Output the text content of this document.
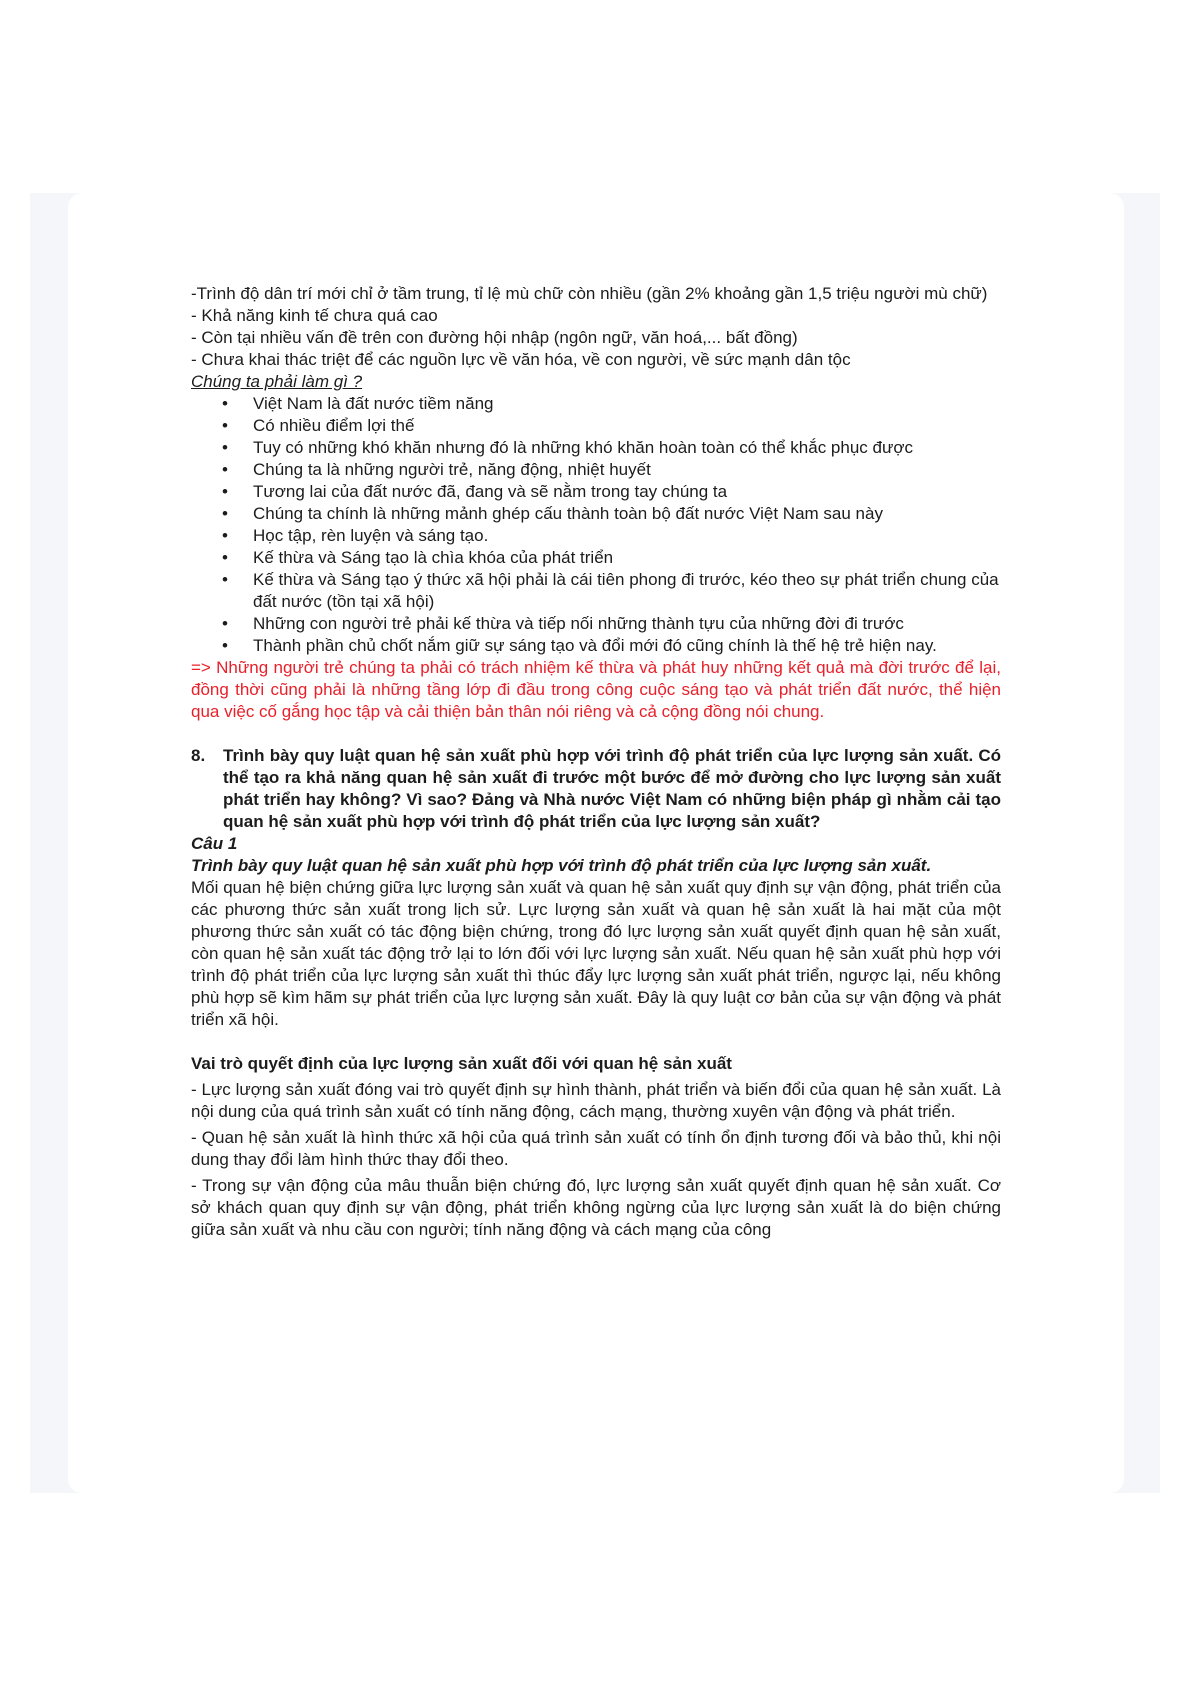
-Trình độ dân trí mới chỉ ở tầm trung, tỉ lệ mù chữ còn nhiều (gần 2% khoảng gần 1,5 triệu người mù chữ)

- Khả năng kinh tế chưa quá cao

- Còn tại nhiều vấn đề trên con đường hội nhập (ngôn ngữ, văn hoá,... bất đồng)

- Chưa khai thác triệt để các nguồn lực về văn hóa, về con người, về sức mạnh dân tộc

Chúng ta phải làm gì ?

• Việt Nam là đất nước tiềm năng
• Có nhiều điểm lợi thế
• Tuy có những khó khăn nhưng đó là những khó khăn hoàn toàn có thể khắc phục được
• Chúng ta là những người trẻ, năng động, nhiệt huyết
• Tương lai của đất nước đã, đang và sẽ nằm trong tay chúng ta
• Chúng ta chính là những mảnh ghép cấu thành toàn bộ đất nước Việt Nam sau này
• Học tập, rèn luyện và sáng tạo.
• Kế thừa và Sáng tạo là chìa khóa của phát triển
• Kế thừa và Sáng tạo ý thức xã hội phải là cái tiên phong đi trước, kéo theo sự phát triển chung của đất nước (tồn tại xã hội)
• Những con người trẻ phải kế thừa và tiếp nối những thành tựu của những đời đi trước
• Thành phần chủ chốt nắm giữ sự sáng tạo và đổi mới đó cũng chính là thế hệ trẻ hiện nay.

=> Những người trẻ chúng ta phải có trách nhiệm kế thừa và phát huy những kết quả mà đời trước để lại, đồng thời cũng phải là những tầng lớp đi đầu trong công cuộc sáng tạo và phát triển đất nước, thể hiện qua việc cố gắng học tập và cải thiện bản thân nói riêng và cả cộng đồng nói chung.

8. Trình bày quy luật quan hệ sản xuất phù hợp với trình độ phát triển của lực lượng sản xuất. Có thể tạo ra khả năng quan hệ sản xuất đi trước một bước để mở đường cho lực lượng sản xuất phát triển hay không? Vì sao? Đảng và Nhà nước Việt Nam có những biện pháp gì nhằm cải tạo quan hệ sản xuất phù hợp với trình độ phát triển của lực lượng sản xuất?

Câu 1

Trình bày quy luật quan hệ sản xuất phù hợp với trình độ phát triển của lực lượng sản xuất.

Mối quan hệ biện chứng giữa lực lượng sản xuất và quan hệ sản xuất quy định sự vận động, phát triển của các phương thức sản xuất trong lịch sử. Lực lượng sản xuất và quan hệ sản xuất là hai mặt của một phương thức sản xuất có tác động biện chứng, trong đó lực lượng sản xuất quyết định quan hệ sản xuất, còn quan hệ sản xuất tác động trở lại to lớn đối với lực lượng sản xuất. Nếu quan hệ sản xuất phù hợp với trình độ phát triển của lực lượng sản xuất thì thúc đẩy lực lượng sản xuất phát triển, ngược lại, nếu không phù hợp sẽ kìm hãm sự phát triển của lực lượng sản xuất. Đây là quy luật cơ bản của sự vận động và phát triển xã hội.

Vai trò quyết định của lực lượng sản xuất đối với quan hệ sản xuất

- Lực lượng sản xuất đóng vai trò quyết định sự hình thành, phát triển và biến đổi của quan hệ sản xuất. Là nội dung của quá trình sản xuất có tính năng động, cách mạng, thường xuyên vận động và phát triển.

- Quan hệ sản xuất là hình thức xã hội của quá trình sản xuất có tính ổn định tương đối và bảo thủ, khi nội dung thay đổi làm hình thức thay đổi theo.

- Trong sự vận động của mâu thuẫn biện chứng đó, lực lượng sản xuất quyết định quan hệ sản xuất. Cơ sở khách quan quy định sự vận động, phát triển không ngừng của lực lượng sản xuất là do biện chứng giữa sản xuất và nhu cầu con người; tính năng động và cách mạng của công
